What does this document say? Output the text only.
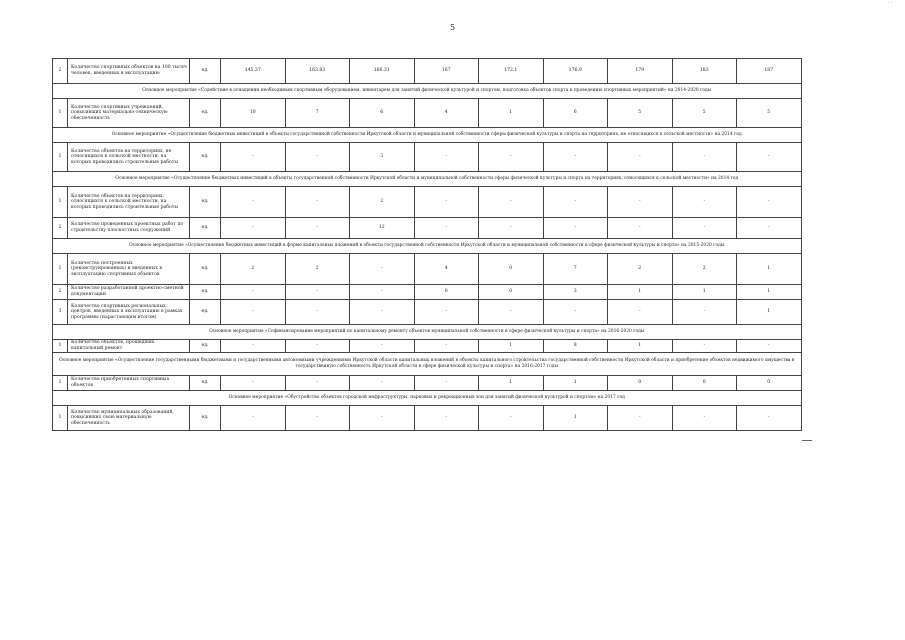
· ·
5
2	Количество спортивных объектов на 100 тысяч человек, введенных в эксплуатацию	ед.	145.37	163.83	166.31	167	172.1	176.9	179	183	187
Основное мероприятие «Содействие в оснащении необходимым спортивным оборудованием, инвентарем для занятий физической культурой и спортом, подготовка объектов спорта к проведению спортивных мероприятий» на 2014-2020 годы											
1	Количество спортивных учреждений, повысивших материально-техническую обеспеченность	ед.	10	7	6	4	1	6	5	5	5
Основное мероприятие «Осуществление бюджетных инвестиций в объекты государственной собственности Иркутской области и муниципальной собственности сферы физической культуры и спорта на территориях, не относящихся к сельской местности» на 2014 год											
1	Количество объектов на территориях, не относящихся к сельской местности, на которых проводились строительные работы	ед.	-	-	3	-	-	-	-	-	-
Основное мероприятие «Осуществление бюджетных инвестиций в объекты государственной собственности Иркутской области и муниципальной собственности сферы физической культуры и спорта на территориях, относящихся к сельской местности» на 2014 год											
1	Количество объектов на территориях, относящихся к сельской местности, на которых проводились строительные работы	ед.	-	-	2	-	-	-	-	-	-
2	Количество проведенных проектных работ по строительству плоскостных сооружений	ед.	-	-	12	-	-	-	-	-	-
Основное мероприятие «Осуществление бюджетных инвестиций в форме капитальных вложений в объекты государственной собственности Иркутской области и муниципальной собственности в сфере физической культуры и спорта» на 2015-2020 годы											
1	Количество построенных (реконструированных) и введенных в эксплуатацию спортивных объектов	ед.	2	2	-	4	0	7	2	2	1
2	Количество разработанной проектно-сметной документации	ед.	-	-	-	0	0	3	1	1	1
3	Количество спортивных региональных центров, введенных в эксплуатацию в рамках программы (нарастающим итогом)	ед.	-	-	-	-	-	-	-	-	1
Основное мероприятие «Софинансирование мероприятий по капитальному ремонту объектов муниципальной собственности в сфере физической культуры и спорта» на 2016-2020 годы											
1	Количество объектов, прошедших капитальный ремонт	ед.	-	-	-	-	1	8	1	-	-
Основное мероприятие «Осуществление государственными бюджетными и государственными автономными учреждениями Иркутской области капитальных вложений в объекты капитального строительства государственной собственности Иркутской области и приобретение объектов недвижимого имущества в государственную собственность Иркутской области в сфере физической культуры и спорта» на 2016-2017 годы											
1	Количество приобретенных спортивных объектов	ед.	-	-	-	-	1	1	0	0	0
Основное мероприятие «Обустройство объектов городской инфраструктуры, парковых и рекреационных зон для занятий физической культурой и спортом» на 2017 год											
1	Количество муниципальных образований, повысивших свою материальную обеспеченность	ед.	-	-	-	-	-	1	-	-	-
